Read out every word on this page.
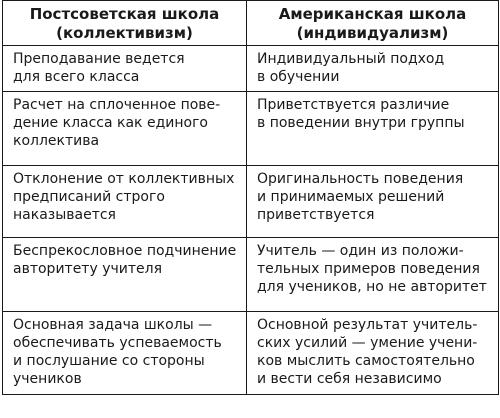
Постсоветская школа
(коллективизм)	Американская школа
(индивидуализм)

Преподавание ведется
для всего класса	Индивидуальный подход
в обучении

Расчет на сплоченное пове-
дение класса как единого
коллектива	Приветствуется различие
в поведении внутри группы

Отклонение от коллективных
предписаний строго
наказывается	Оригинальность поведения
и принимаемых решений
приветствуется

Беспрекословное подчинение
авторитету учителя	Учитель — один из положи-
тельных примеров поведения
для учеников, но не авторитет

Основная задача школы —
обеспечивать успеваемость
и послушание со стороны
учеников	Основной результат учитель-
ских усилий — умение учени-
ков мыслить самостоятельно
и вести себя независимо
